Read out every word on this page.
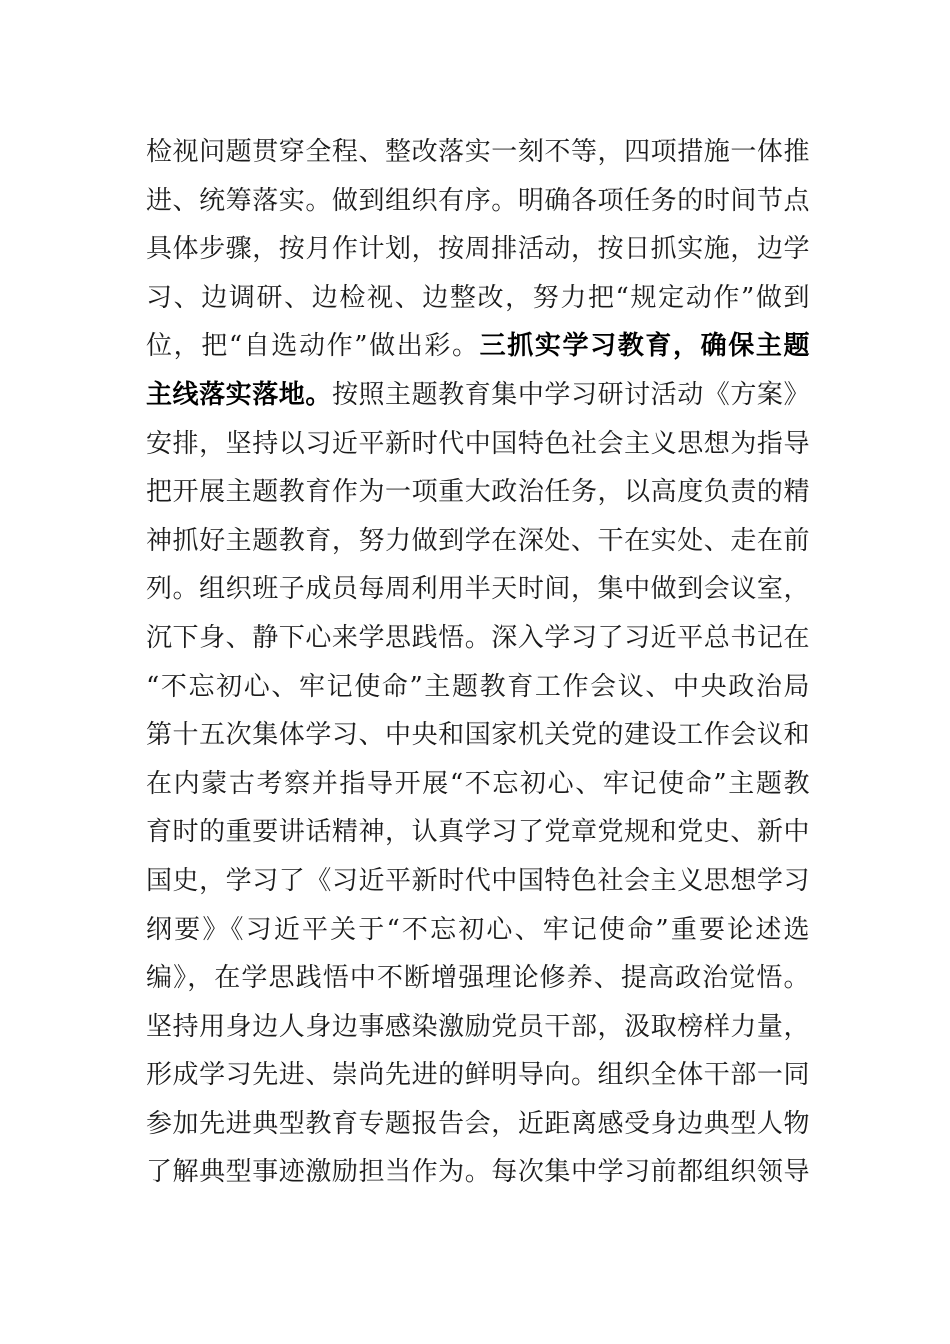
检视问题贯穿全程、整改落实一刻不等，四项措施一体推
进、统筹落实。做到组织有序。明确各项任务的时间节点
具体步骤，按月作计划，按周排活动，按日抓实施，边学
习、边调研、边检视、边整改，努力把“规定动作”做到
位，把“自选动作”做出彩。三抓实学习教育，确保主题
主线落实落地。按照主题教育集中学习研讨活动《方案》
安排，坚持以习近平新时代中国特色社会主义思想为指导
把开展主题教育作为一项重大政治任务，以高度负责的精
神抓好主题教育，努力做到学在深处、干在实处、走在前
列。组织班子成员每周利用半天时间，集中做到会议室，
沉下身、静下心来学思践悟。深入学习了习近平总书记在
“不忘初心、牢记使命”主题教育工作会议、中央政治局
第十五次集体学习、中央和国家机关党的建设工作会议和
在内蒙古考察并指导开展“不忘初心、牢记使命”主题教
育时的重要讲话精神，认真学习了党章党规和党史、新中
国史，学习了《习近平新时代中国特色社会主义思想学习
纲要》《习近平关于“不忘初心、牢记使命”重要论述选
编》，在学思践悟中不断增强理论修养、提高政治觉悟。
坚持用身边人身边事感染激励党员干部，汲取榜样力量，
形成学习先进、崇尚先进的鲜明导向。组织全体干部一同
参加先进典型教育专题报告会，近距离感受身边典型人物
了解典型事迹激励担当作为。每次集中学习前都组织领导
